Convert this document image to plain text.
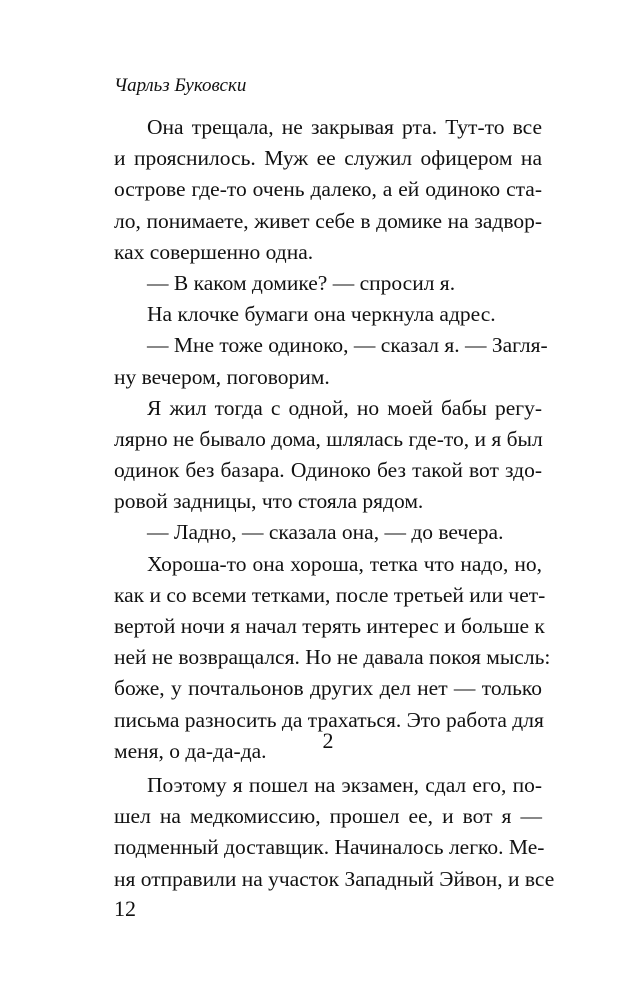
Чарльз Буковски
Она трещала, не закрывая рта. Тут-то все
и прояснилось. Муж ее служил офицером на
острове где-то очень далеко, а ей одиноко ста-
ло, понимаете, живет себе в домике на задвор-
ках совершенно одна.
— В каком домике? — спросил я.
На клочке бумаги она черкнула адрес.
— Мне тоже одиноко, — сказал я. — Загля-
ну вечером, поговорим.
Я жил тогда с одной, но моей бабы регу-
лярно не бывало дома, шлялась где-то, и я был
одинок без базара. Одиноко без такой вот здо-
ровой задницы, что стояла рядом.
— Ладно, — сказала она, — до вечера.
Хороша-то она хороша, тетка что надо, но,
как и со всеми тетками, после третьей или чет-
вертой ночи я начал терять интерес и больше к
ней не возвращался. Но не давала покоя мысль:
боже, у почтальонов других дел нет — только
письма разносить да трахаться. Это работа для
меня, о да-да-да.	2
Поэтому я пошел на экзамен, сдал его, по-
шел на медкомиссию, прошел ее, и вот я —
подменный доставщик. Начиналось легко. Ме-
ня отправили на участок Западный Эйвон, и все
12
